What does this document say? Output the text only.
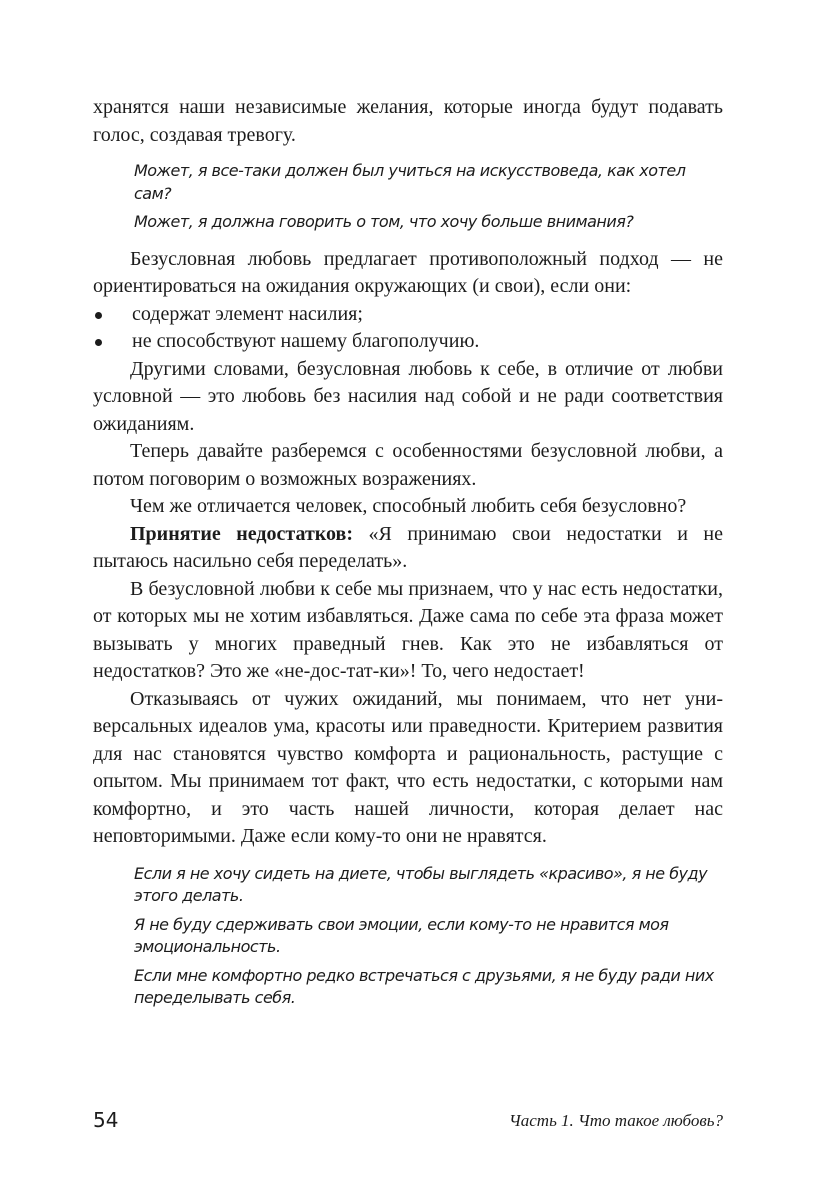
хранятся наши независимые желания, которые иногда будут подавать голос, создавая тревогу.

Может, я все-таки должен был учиться на искусствоведа, как хотел сам?

Может, я должна говорить о том, что хочу больше внимания?

Безусловная любовь предлагает противоположный подход — не ориентироваться на ожидания окружающих (и свои), если они:

содержат элемент насилия;
не способствуют нашему благополучию.

Другими словами, безусловная любовь к себе, в отличие от любви условной — это любовь без насилия над собой и не ради соответствия ожиданиям.

Теперь давайте разберемся с особенностями безусловной любви, а потом поговорим о возможных возражениях.

Чем же отличается человек, способный любить себя безусловно?

Принятие недостатков: «Я принимаю свои недостатки и не пытаюсь насильно себя переделать».

В безусловной любви к себе мы признаем, что у нас есть недостатки, от которых мы не хотим избавляться. Даже сама по себе эта фраза может вызывать у многих праведный гнев. Как это не избавляться от недостатков? Это же «не-дос-тат-ки»! То, чего недостает!

Отказываясь от чужих ожиданий, мы понимаем, что нет универсальных идеалов ума, красоты или праведности. Критерием развития для нас становятся чувство комфорта и рациональность, растущие с опытом. Мы принимаем тот факт, что есть недостатки, с которыми нам комфортно, и это часть нашей личности, которая делает нас неповторимыми. Даже если кому-то они не нравятся.

Если я не хочу сидеть на диете, чтобы выглядеть «красиво», я не буду этого делать.

Я не буду сдерживать свои эмоции, если кому-то не нравится моя эмоциональность.

Если мне комфортно редко встречаться с друзьями, я не буду ради них переделывать себя.

54	Часть 1. Что такое любовь?
